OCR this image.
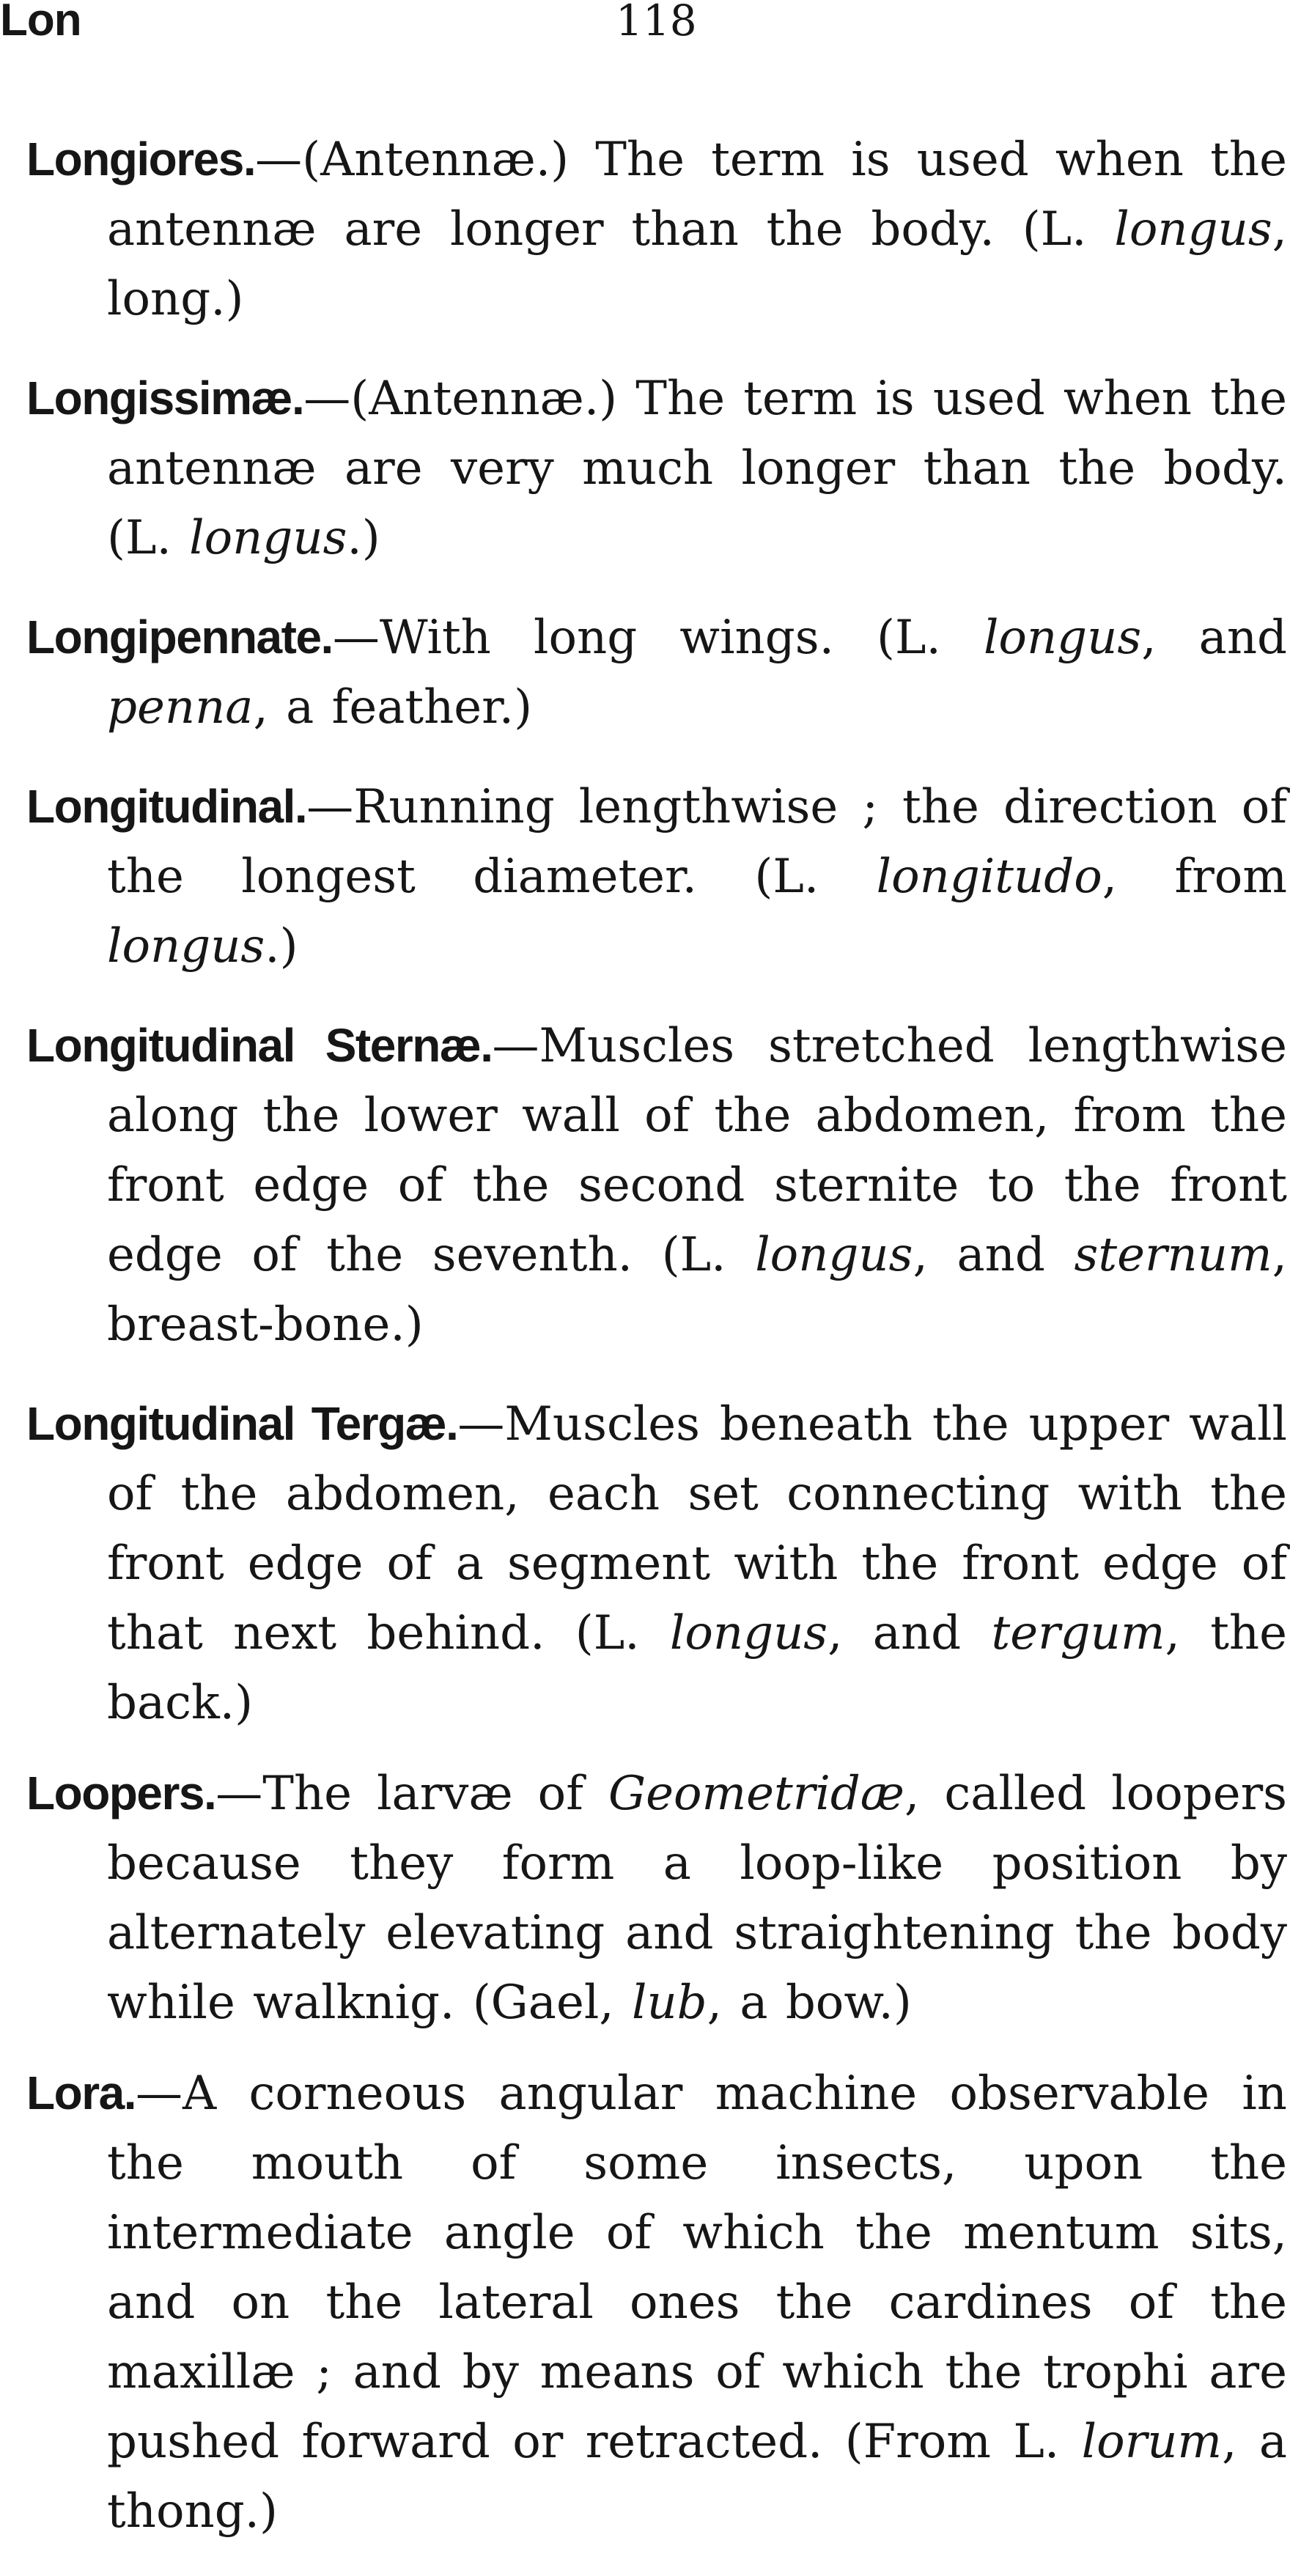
Lon	118

Longiores.—(Antennæ.) The term is used when the antennæ are longer than the body. (L. longus, long.)

Longissimæ.—(Antennæ.) The term is used when the antennæ are very much longer than the body. (L. longus.)

Longipennate.—With long wings. (L. longus, and penna, a feather.)

Longitudinal.—Running lengthwise ; the direction of the longest diameter. (L. longitudo, from longus.)

Longitudinal Sternæ.—Muscles stretched lengthwise along the lower wall of the abdomen, from the front edge of the second sternite to the front edge of the seventh. (L. longus, and sternum, breast-bone.)

Longitudinal Tergæ.—Muscles beneath the upper wall of the abdomen, each set connecting with the front edge of a segment with the front edge of that next behind. (L. longus, and tergum, the back.)

Loopers.—The larvæ of Geometridæ, called loopers because they form a loop-like position by alternately elevating and straightening the body while walknig. (Gael, lub, a bow.)

Lora.—A corneous angular machine observable in the mouth of some insects, upon the intermediate angle of which the mentum sits, and on the lateral ones the cardines of the maxillæ ; and by means of which the trophi are pushed forward or retracted. (From L. lorum, a thong.)
